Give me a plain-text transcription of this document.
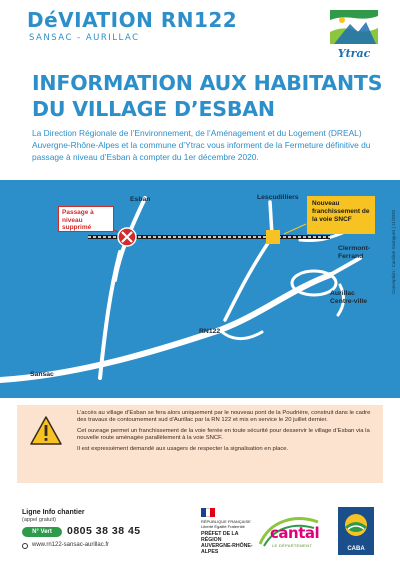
DéVIATION RN122
SANSAC - AURILLAC
Ytrac
INFORMATION AUX HABITANTS
DU VILLAGE D’ESBAN
La Direction Régionale de l’Environnement, de l’Aménagement et du Logement (DREAL) Auvergne-Rhône-Alpes et la commune d’Ytrac vous informent de la Fermeture définitive du passage à niveau d’Esban à compter du 1er décembre 2020.
Esban	Lescudilliers
Clermont-
Ferrand
Aurillac
Centre-ville
RN122
Sansac
Passage à niveau supprimé
Nouveau franchissement de la voie SNCF	Conception : Caroline Garrigues | 11/2020

L’accès au village d’Esban se fera alors uniquement par le nouveau pont de la Poudrière, construit dans le cadre des travaux de contournement sud d’Aurillac par la RN 122 et mis en service le 20 juillet dernier.

Cet ouvrage permet un franchissement de la voie ferrée en toute sécurité pour desservir le village d’Esban via la nouvelle route aménagée parallèlement à la voie SNCF.

Il est expressément demandé aux usagers de respecter la signalisation en place.

Ligne Info chantier
(appel gratuit)
N° Vert	0805 38 38 45
www.rn122-sansac-aurillac.fr
RÉPUBLIQUE FRANÇAISE Liberté Égalité Fraternité
PRÉFET DE LA RÉGION AUVERGNE-RHÔNE-ALPES
cantal
LE DÉPARTEMENT
CABA
